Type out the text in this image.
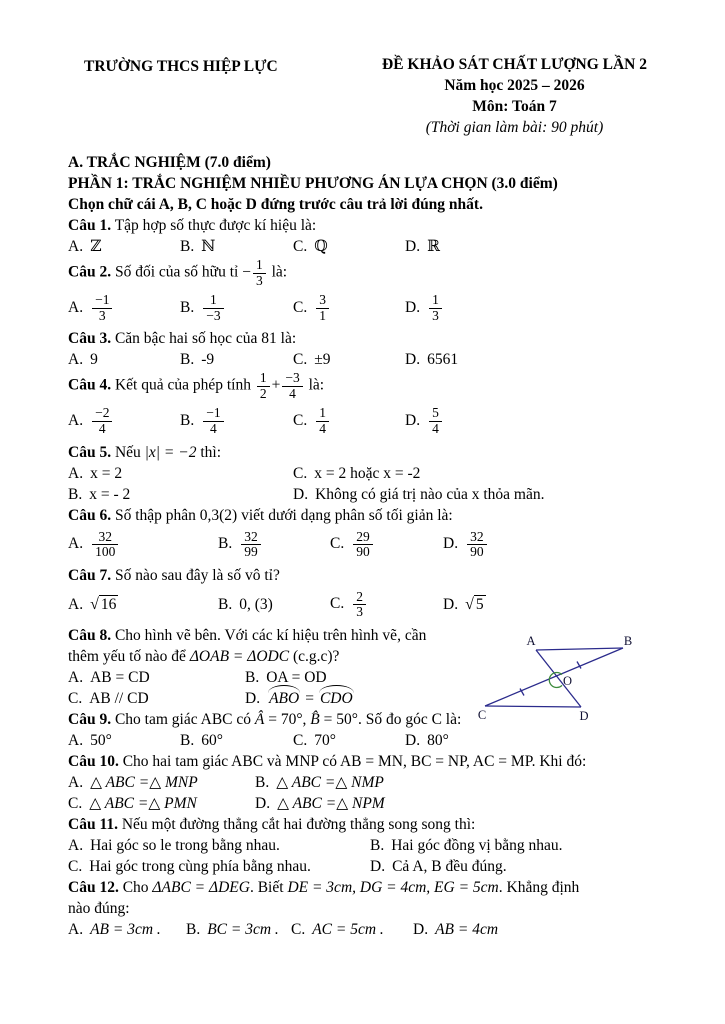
TRƯỜNG THCS HIỆP LỰC	ĐỀ KHẢO SÁT CHẤT LƯỢNG LẦN 2
Năm học 2025 – 2026
Môn: Toán 7
(Thời gian làm bài: 90 phút)
A. TRẮC NGHIỆM (7.0 điểm)
PHẦN 1: TRẮC NGHIỆM NHIỀU PHƯƠNG ÁN LỰA CHỌN (3.0 điểm)
Chọn chữ cái A, B, C hoặc D đứng trước câu trả lời đúng nhất.
Câu 1. Tập hợp số thực được kí hiệu là:
A. ℤ	B. ℕ	C. ℚ	D. ℝ
Câu 2. Số đối của số hữu tỉ − $\frac{1}{3}$ là:
A. $\frac{-1}{3}$	B. $\frac{1}{-3}$	C. $\frac{3}{1}$	D. $\frac{1}{3}$
Câu 3. Căn bậc hai số học của 81 là:
A. 9	B. -9	C. ±9	D. 6561
Câu 4. Kết quả của phép tính $\frac{1}{2} + \frac{-3}{4}$ là:
A. $\frac{-2}{4}$	B. $\frac{-1}{4}$	C. $\frac{1}{4}$	D. $\frac{5}{4}$
Câu 5. Nếu |x| = −2 thì:
A. x = 2	C. x = 2 hoặc x = -2
B. x = - 2	D. Không có giá trị nào của x thỏa mãn.
Câu 6. Số thập phân 0,3(2) viết dưới dạng phân số tối giản là:
A. $\frac{32}{100}$	B. $\frac{32}{99}$	C. $\frac{29}{90}$	D. $\frac{32}{90}$
Câu 7. Số nào sau đây là số vô tỉ?
A. √ 16	B. 0, (3)	C. $\frac{2}{3}$	D. √ 5
Câu 8. Cho hình vẽ bên. Với các kí hiệu trên hình vẽ, cần
thêm yếu tố nào để ΔOAB = ΔODC (c.g.c)?
A. AB = CD	B. OA = OD
C. AB // CD	D. ABO = CDO
A	B
C	D
O
Câu 9. Cho tam giác ABC có Â = 70°, B̂ = 50°. Số đo góc C là:
A. 50°	B. 60°	C. 70°	D. 80°
Câu 10. Cho hai tam giác ABC và MNP có AB = MN, BC = NP, AC = MP. Khi đó:
A. △ ABC =△ MNP	B. △ ABC =△ NMP
C. △ ABC =△ PMN	D. △ ABC =△ NPM
Câu 11. Nếu một đường thẳng cắt hai đường thẳng song song thì:
A. Hai góc so le trong bằng nhau.	B. Hai góc đồng vị bằng nhau.
C. Hai góc trong cùng phía bằng nhau.	D. Cả A, B đều đúng.
Câu 12. Cho ΔABC = ΔDEG. Biết DE = 3cm, DG = 4cm, EG = 5cm. Khẳng định
nào đúng:
A. AB = 3cm .	B. BC = 3cm . C. AC = 5cm .	D. AB = 4cm
